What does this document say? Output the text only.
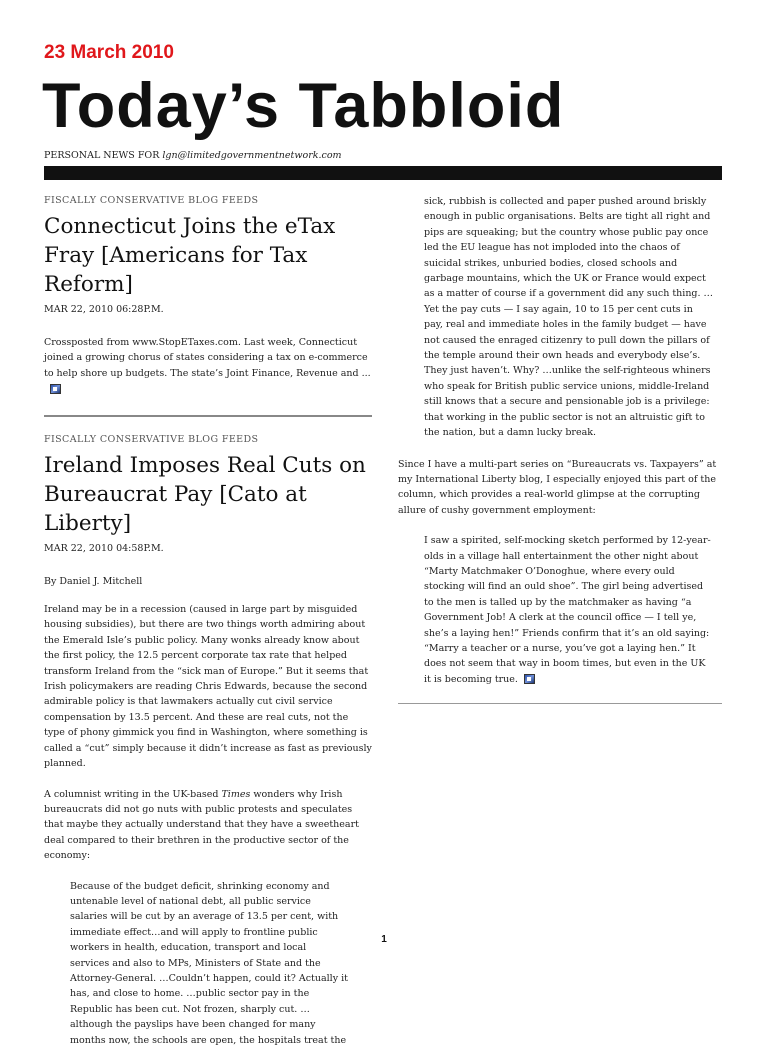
23 March 2010
Today’s Tabbloid
PERSONAL NEWS FOR lgn@limitedgovernmentnetwork.com
FISCALLY CONSERVATIVE BLOG FEEDS
Connecticut Joins the eTax Fray [Americans for Tax Reform]
MAR 22, 2010 06:28P.M.

Crossposted from www.StopETaxes.com. Last week, Connecticut joined a growing chorus of states considering a tax on e-commerce to help shore up budgets. The state’s Joint Finance, Revenue and ...

FISCALLY CONSERVATIVE BLOG FEEDS
Ireland Imposes Real Cuts on Bureaucrat Pay [Cato at Liberty]
MAR 22, 2010 04:58P.M.

By Daniel J. Mitchell

Ireland may be in a recession (caused in large part by misguided housing subsidies), but there are two things worth admiring about the Emerald Isle’s public policy. Many wonks already know about the first policy, the 12.5 percent corporate tax rate that helped transform Ireland from the “sick man of Europe.” But it seems that Irish policymakers are reading Chris Edwards, because the second admirable policy is that lawmakers actually cut civil service compensation by 13.5 percent. And these are real cuts, not the type of phony gimmick you find in Washington, where something is called a “cut” simply because it didn’t increase as fast as previously planned.

A columnist writing in the UK-based Times wonders why Irish bureaucrats did not go nuts with public protests and speculates that maybe they actually understand that they have a sweetheart deal compared to their brethren in the productive sector of the economy:

Because of the budget deficit, shrinking economy and untenable level of national debt, all public service salaries will be cut by an average of 13.5 per cent, with immediate effect…and will apply to frontline public workers in health, education, transport and local services and also to MPs, Ministers of State and the Attorney-General. …Couldn’t happen, could it? Actually it has, and close to home. …public sector pay in the Republic has been cut. Not frozen, sharply cut. …although the payslips have been changed for many months now, the schools are open, the hospitals treat the
sick, rubbish is collected and paper pushed around briskly enough in public organisations. Belts are tight all right and pips are squeaking; but the country whose public pay once led the EU league has not imploded into the chaos of suicidal strikes, unburied bodies, closed schools and garbage mountains, which the UK or France would expect as a matter of course if a government did any such thing. …Yet the pay cuts — I say again, 10 to 15 per cent cuts in pay, real and immediate holes in the family budget — have not caused the enraged citizenry to pull down the pillars of the temple around their own heads and everybody else’s. They just haven’t. Why? …unlike the self-righteous whiners who speak for British public service unions, middle-Ireland still knows that a secure and pensionable job is a privilege: that working in the public sector is not an altruistic gift to the nation, but a damn lucky break.

Since I have a multi-part series on “Bureaucrats vs. Taxpayers” at my International Liberty blog, I especially enjoyed this part of the column, which provides a real-world glimpse at the corrupting allure of cushy government employment:

I saw a spirited, self-mocking sketch performed by 12-year-olds in a village hall entertainment the other night about “Marty Matchmaker O’Donoghue, where every ould stocking will find an ould shoe”. The girl being advertised to the men is talled up by the matchmaker as having “a Government Job! A clerk at the council office — I tell ye, she’s a laying hen!” Friends confirm that it’s an old saying: “Marry a teacher or a nurse, you’ve got a laying hen.” It does not seem that way in boom times, but even in the UK it is becoming true.
1
